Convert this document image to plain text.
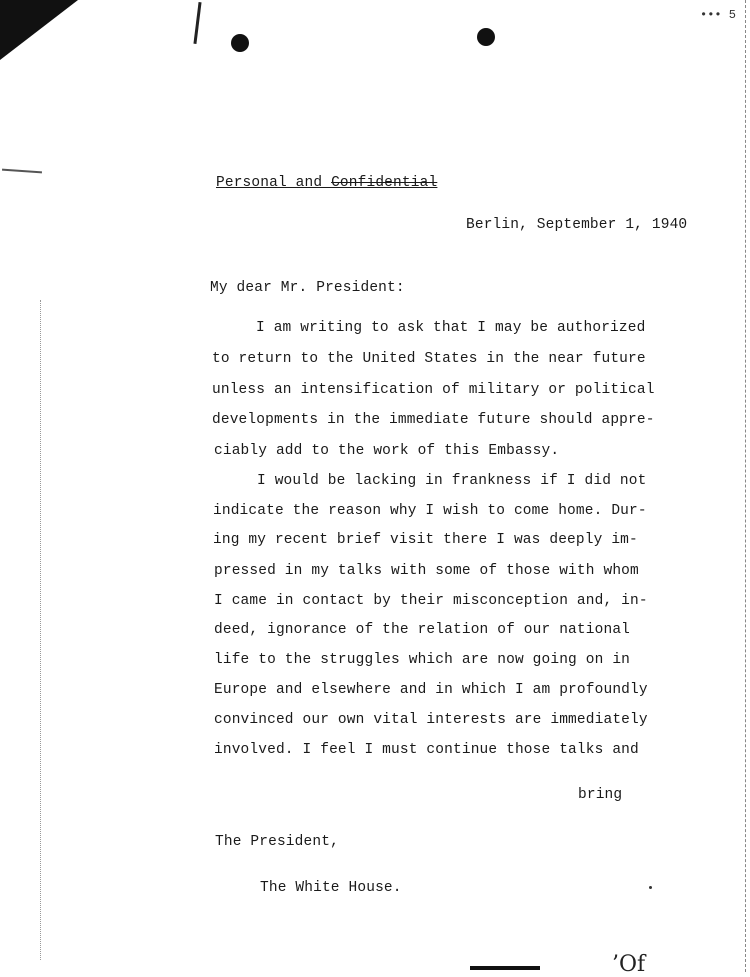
••• 5
Personal and Confidential
Berlin, September 1, 1940
My dear Mr. President:
I am writing to ask that I may be authorized
to return to the United States in the near future
unless an intensification of military or political
developments in the immediate future should appre-
ciably add to the work of this Embassy.
I would be lacking in frankness if I did not
indicate the reason why I wish to come home. Dur-
ing my recent brief visit there I was deeply im-
pressed in my talks with some of those with whom
I came in contact by their misconception and, in-
deed, ignorance of the relation of our national
life to the struggles which are now going on in
Europe and elsewhere and in which I am profoundly
convinced our own vital interests are immediately
involved. I feel I must continue those talks and
bring
The President,
The White House.
’Of
